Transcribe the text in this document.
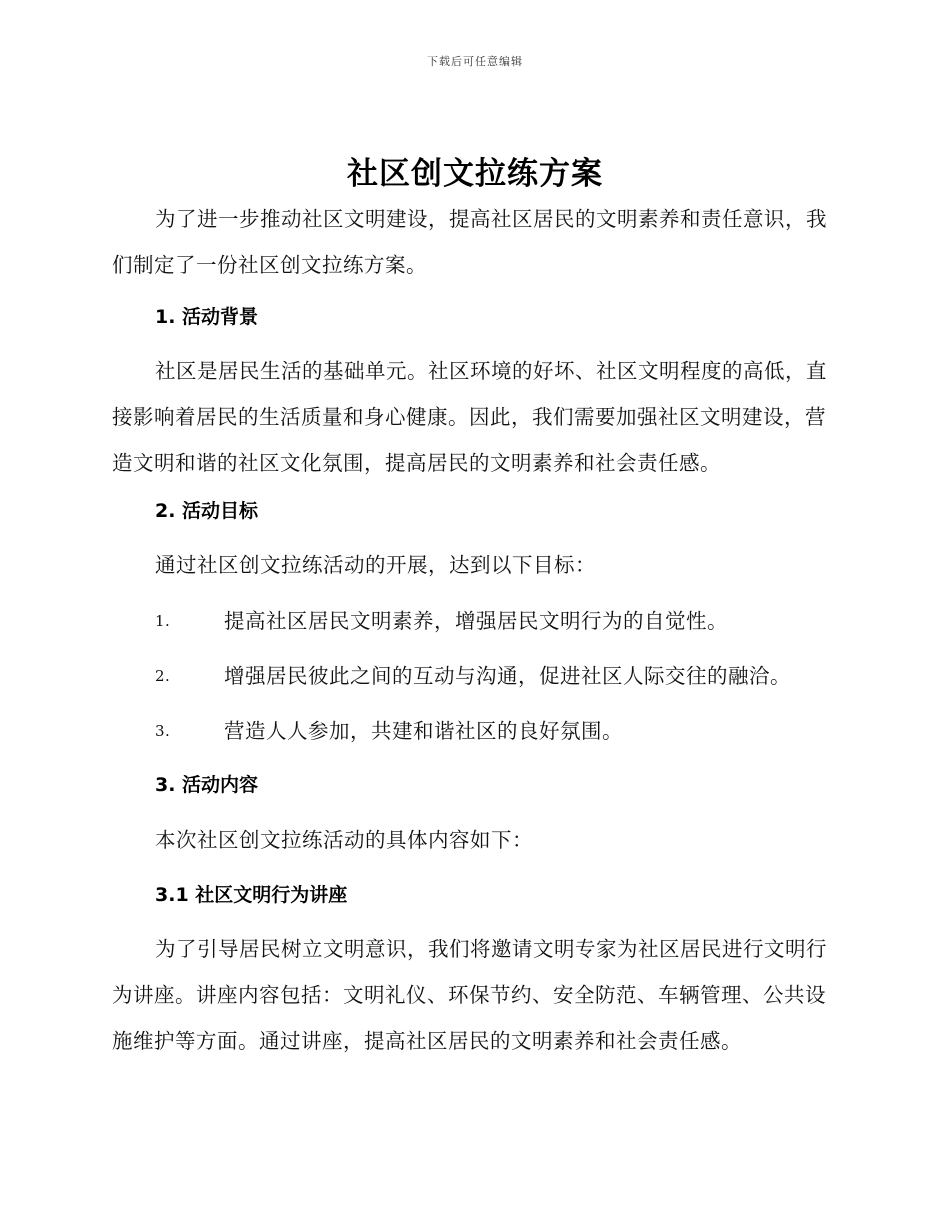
下载后可任意编辑
社区创文拉练方案

为了进一步推动社区文明建设，提高社区居民的文明素养和责任意识，我们制定了一份社区创文拉练方案。

1. 活动背景

社区是居民生活的基础单元。社区环境的好坏、社区文明程度的高低，直接影响着居民的生活质量和身心健康。因此，我们需要加强社区文明建设，营造文明和谐的社区文化氛围，提高居民的文明素养和社会责任感。

2. 活动目标

通过社区创文拉练活动的开展，达到以下目标：

1.	提高社区居民文明素养，增强居民文明行为的自觉性。
2.	增强居民彼此之间的互动与沟通，促进社区人际交往的融洽。
3.	营造人人参加，共建和谐社区的良好氛围。
3. 活动内容

本次社区创文拉练活动的具体内容如下：

3.1 社区文明行为讲座

为了引导居民树立文明意识，我们将邀请文明专家为社区居民进行文明行为讲座。讲座内容包括：文明礼仪、环保节约、安全防范、车辆管理、公共设施维护等方面。通过讲座，提高社区居民的文明素养和社会责任感。
